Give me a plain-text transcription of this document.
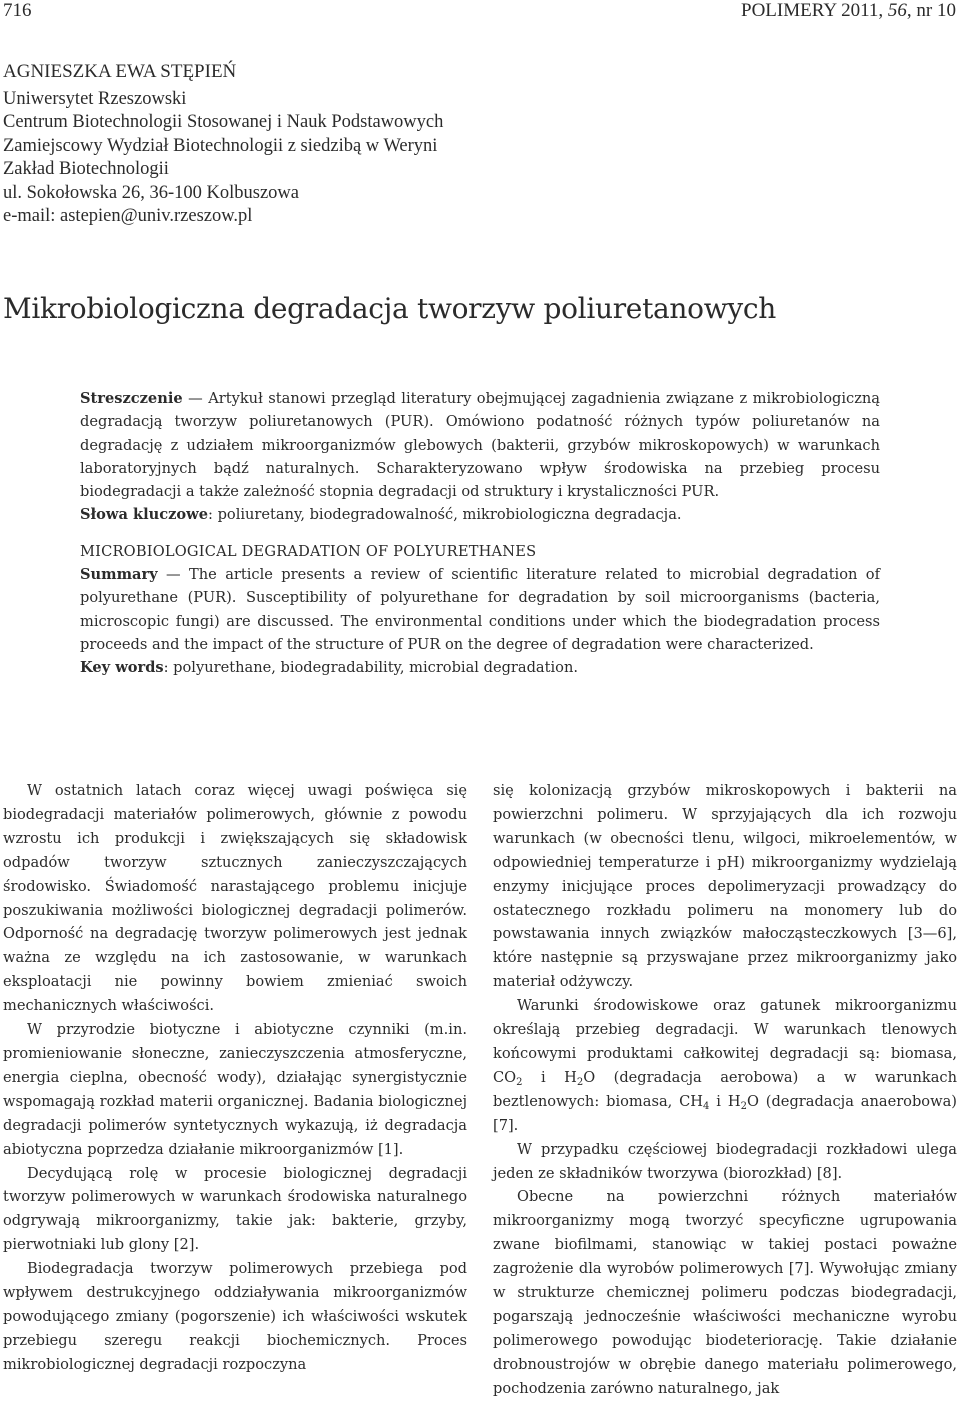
716	POLIMERY 2011, 56, nr 10
AGNIESZKA EWA STĘPIEŃ
Uniwersytet Rzeszowski
Centrum Biotechnologii Stosowanej i Nauk Podstawowych
Zamiejscowy Wydział Biotechnologii z siedzibą w Weryni
Zakład Biotechnologii
ul. Sokołowska 26, 36-100 Kolbuszowa
e-mail: astepien@univ.rzeszow.pl
Mikrobiologiczna degradacja tworzyw poliuretanowych

Streszczenie — Artykuł stanowi przegląd literatury obejmującej zagadnienia związane z mikrobiologiczną degradacją tworzyw poliuretanowych (PUR). Omówiono podatność różnych typów poliuretanów na degradację z udziałem mikroorganizmów glebowych (bakterii, grzybów mikroskopowych) w warunkach laboratoryjnych bądź naturalnych. Scharakteryzowano wpływ środowiska na przebieg procesu biodegradacji a także zależność stopnia degradacji od struktury i krystaliczności PUR.

Słowa kluczowe: poliuretany, biodegradowalność, mikrobiologiczna degradacja.

MICROBIOLOGICAL DEGRADATION OF POLYURETHANES

Summary — The article presents a review of scientific literature related to microbial degradation of polyurethane (PUR). Susceptibility of polyurethane for degradation by soil microorganisms (bacteria, microscopic fungi) are discussed. The environmental conditions under which the biodegradation process proceeds and the impact of the structure of PUR on the degree of degradation were characterized.

Key words: polyurethane, biodegradability, microbial degradation.

W ostatnich latach coraz więcej uwagi poświęca się biodegradacji materiałów polimerowych, głównie z powodu wzrostu ich produkcji i zwiększających się składowisk odpadów tworzyw sztucznych zanieczyszczających środowisko. Świadomość narastającego problemu inicjuje poszukiwania możliwości biologicznej degradacji polimerów. Odporność na degradację tworzyw polimerowych jest jednak ważna ze względu na ich zastosowanie, w warunkach eksploatacji nie powinny bowiem zmieniać swoich mechanicznych właściwości.

W przyrodzie biotyczne i abiotyczne czynniki (m.in. promieniowanie słoneczne, zanieczyszczenia atmosferyczne, energia cieplna, obecność wody), działając synergistycznie wspomagają rozkład materii organicznej. Badania biologicznej degradacji polimerów syntetycznych wykazują, iż degradacja abiotyczna poprzedza działanie mikroorganizmów [1].

Decydującą rolę w procesie biologicznej degradacji tworzyw polimerowych w warunkach środowiska naturalnego odgrywają mikroorganizmy, takie jak: bakterie, grzyby, pierwotniaki lub glony [2].

Biodegradacja tworzyw polimerowych przebiega pod wpływem destrukcyjnego oddziaływania mikroorganizmów powodującego zmiany (pogorszenie) ich właściwości wskutek przebiegu szeregu reakcji biochemicznych. Proces mikrobiologicznej degradacji rozpoczyna

się kolonizacją grzybów mikroskopowych i bakterii na powierzchni polimeru. W sprzyjających dla ich rozwoju warunkach (w obecności tlenu, wilgoci, mikroelementów, w odpowiedniej temperaturze i pH) mikroorganizmy wydzielają enzymy inicjujące proces depolimeryzacji prowadzący do ostatecznego rozkładu polimeru na monomery lub do powstawania innych związków małocząsteczkowych [3—6], które następnie są przyswajane przez mikroorganizmy jako materiał odżywczy.

Warunki środowiskowe oraz gatunek mikroorganizmu określają przebieg degradacji. W warunkach tlenowych końcowymi produktami całkowitej degradacji są: biomasa, $CO_2$ i $H_2O$ (degradacja aerobowa) a w warunkach beztlenowych: biomasa, $CH_4$ i $H_2O$ (degradacja anaerobowa) [7].

W przypadku częściowej biodegradacji rozkładowi ulega jeden ze składników tworzywa (biorozkład) [8].

Obecne na powierzchni różnych materiałów mikroorganizmy mogą tworzyć specyficzne ugrupowania zwane biofilmami, stanowiąc w takiej postaci poważne zagrożenie dla wyrobów polimerowych [7]. Wywołując zmiany w strukturze chemicznej polimeru podczas biodegradacji, pogarszają jednocześnie właściwości mechaniczne wyrobu polimerowego powodując biodeteriorację. Takie działanie drobnoustrojów w obrębie danego materiału polimerowego, pochodzenia zarówno naturalnego, jak
